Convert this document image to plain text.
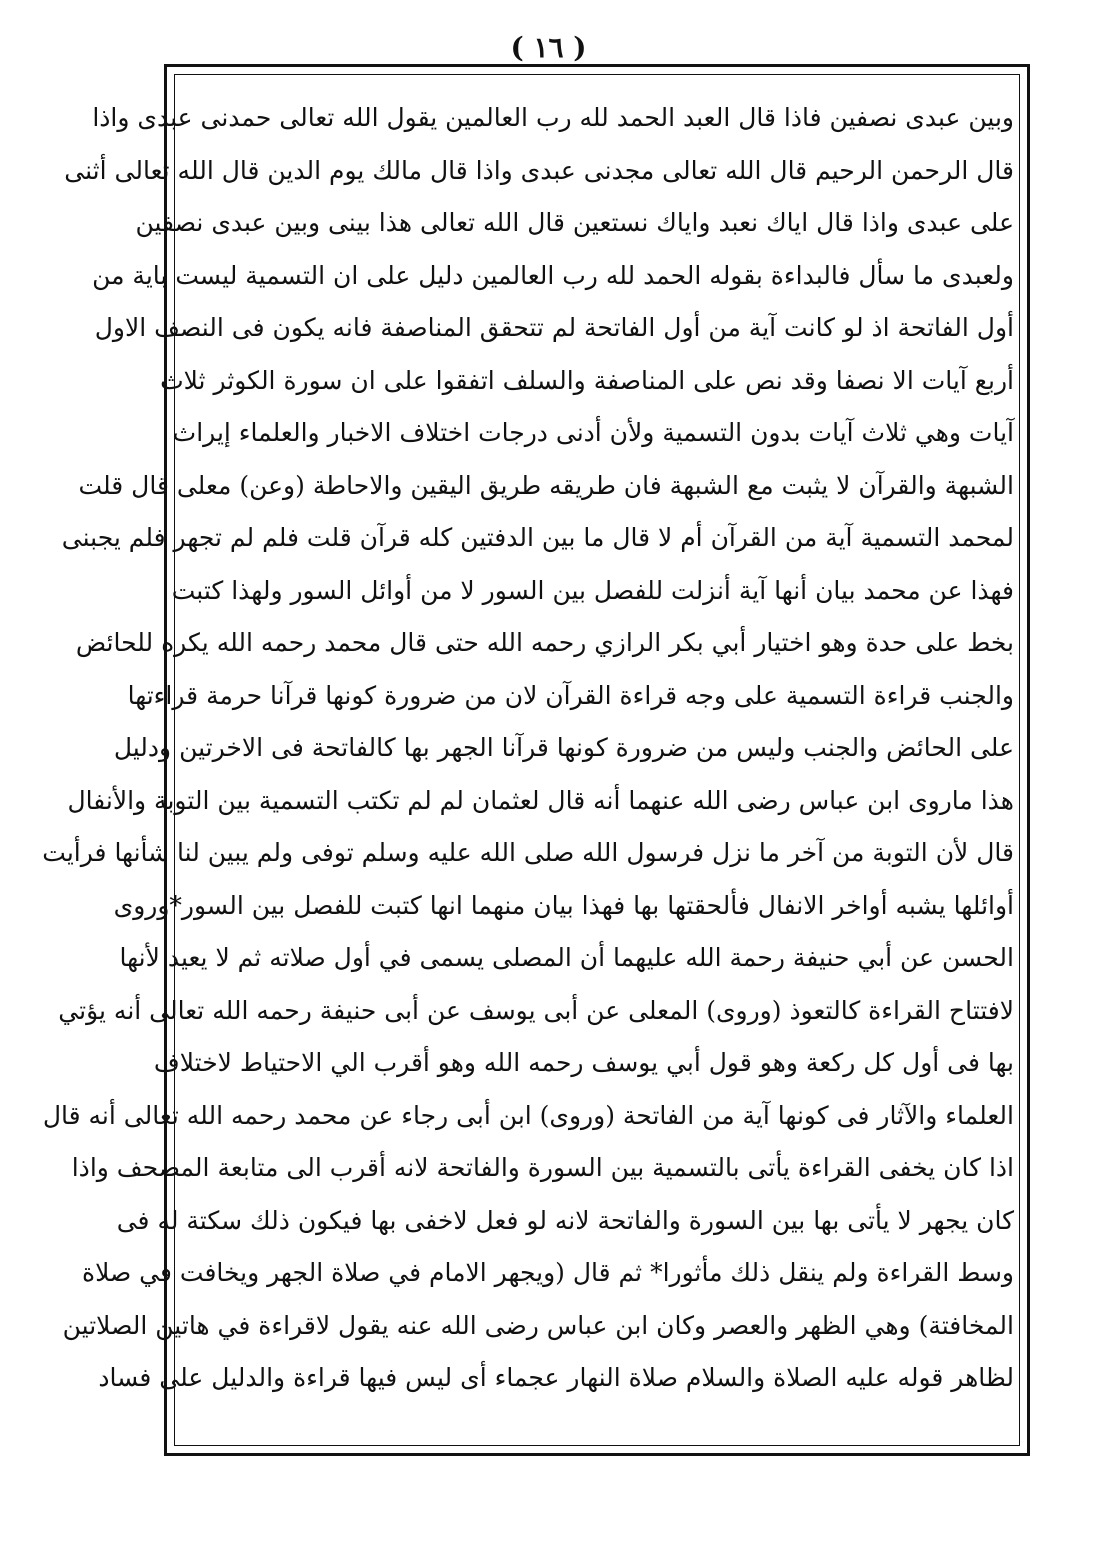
( ١٦ )
وبين عبدى نصفين فاذا قال العبد الحمد لله رب العالمين يقول الله تعالى حمدنى عبدى واذا
قال الرحمن الرحيم قال الله تعالى مجدنى عبدى واذا قال مالك يوم الدين قال الله تعالى أثنى
على عبدى واذا قال اياك نعبد واياك نستعين قال الله تعالى هذا بينى وبين عبدى نصفين
ولعبدى ما سأل فالبداءة بقوله الحمد لله رب العالمين دليل على ان التسمية ليست باية من
أول الفاتحة اذ لو كانت آية من أول الفاتحة لم تتحقق المناصفة فانه يكون فى النصف الاول
أربع آيات الا نصفا وقد نص على المناصفة والسلف اتفقوا على ان سورة الكوثر ثلاث
آيات وهي ثلاث آيات بدون التسمية ولأن أدنى درجات اختلاف الاخبار والعلماء إيراث
الشبهة والقرآن لا يثبت مع الشبهة فان طريقه طريق اليقين والاحاطة (وعن) معلى قال قلت
لمحمد التسمية آية من القرآن أم لا قال ما بين الدفتين كله قرآن قلت فلم لم تجهر فلم يجبنى
فهذا عن محمد بيان أنها آية أنزلت للفصل بين السور لا من أوائل السور ولهذا كتبت
بخط على حدة وهو اختيار أبي بكر الرازي رحمه الله حتى قال محمد رحمه الله يكره للحائض
والجنب قراءة التسمية على وجه قراءة القرآن لان من ضرورة كونها قرآنا حرمة قراءتها
على الحائض والجنب وليس من ضرورة كونها قرآنا الجهر بها كالفاتحة فى الاخرتين ودليل
هذا ماروى ابن عباس رضى الله عنهما أنه قال لعثمان لم لم تكتب التسمية بين التوبة والأنفال
قال لأن التوبة من آخر ما نزل فرسول الله صلى الله عليه وسلم توفى ولم يبين لنا شأنها فرأيت
أوائلها يشبه أواخر الانفال فألحقتها بها فهذا بيان منهما انها كتبت للفصل بين السور*وروى
الحسن عن أبي حنيفة رحمة الله عليهما أن المصلى يسمى في أول صلاته ثم لا يعيد لأنها
لافتتاح القراءة كالتعوذ (وروى) المعلى عن أبى يوسف عن أبى حنيفة رحمه الله تعالى أنه يؤتي
بها فى أول كل ركعة وهو قول أبي يوسف رحمه الله وهو أقرب الي الاحتياط لاختلاف
العلماء والآثار فى كونها آية من الفاتحة (وروى) ابن أبى رجاء عن محمد رحمه الله تعالى أنه قال
اذا كان يخفى القراءة يأتى بالتسمية بين السورة والفاتحة لانه أقرب الى متابعة المصحف واذا
كان يجهر لا يأتى بها بين السورة والفاتحة لانه لو فعل لاخفى بها فيكون ذلك سكتة له فى
وسط القراءة ولم ينقل ذلك مأثورا* ثم قال (ويجهر الامام في صلاة الجهر ويخافت في صلاة
المخافتة) وهي الظهر والعصر وكان ابن عباس رضى الله عنه يقول لاقراءة في هاتين الصلاتين
لظاهر قوله عليه الصلاة والسلام صلاة النهار عجماء أى ليس فيها قراءة والدليل على فساد
